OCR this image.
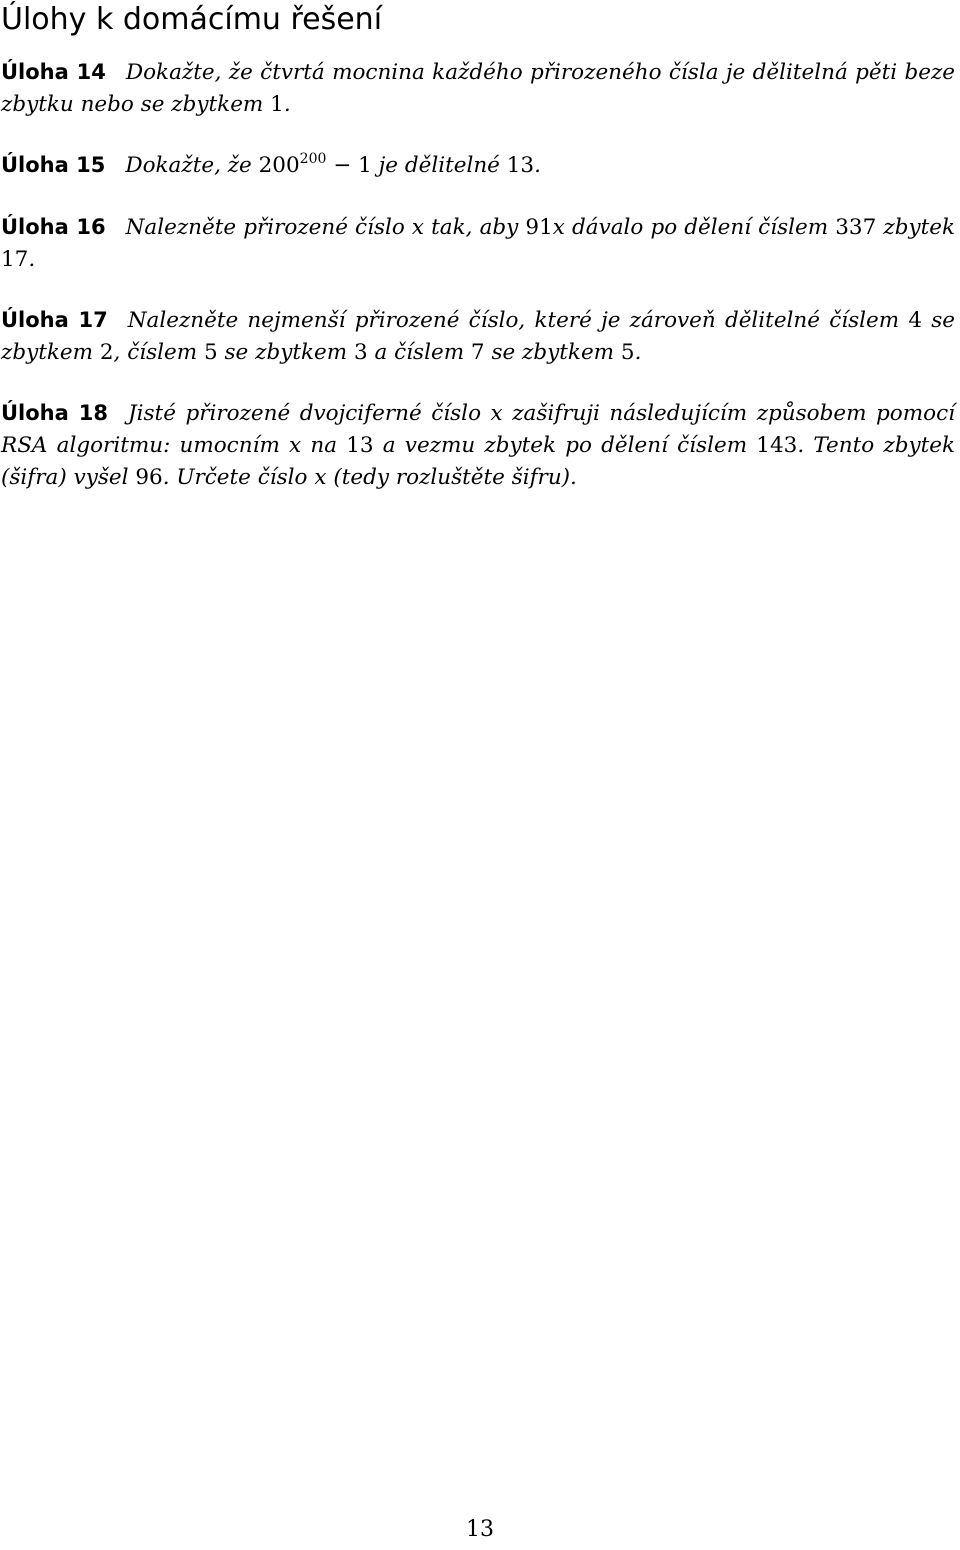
Úlohy k domácímu řešení

Úloha 14 Dokažte, že čtvrtá mocnina každého přirozeného čísla je dělitelná pěti beze zbytku nebo se zbytkem 1.

Úloha 15 Dokažte, že $200^{200} - 1$ je dělitelné 13.

Úloha 16 Nalezněte přirozené číslo x tak, aby 91x dávalo po dělení číslem 337 zbytek 17.

Úloha 17 Nalezněte nejmenší přirozené číslo, které je zároveň dělitelné číslem 4 se zbytkem 2, číslem 5 se zbytkem 3 a číslem 7 se zbytkem 5.

Úloha 18 Jisté přirozené dvojciferné číslo x zašifruji následujícím způsobem pomocí RSA algoritmu: umocním x na 13 a vezmu zbytek po dělení číslem 143. Tento zbytek (šifra) vyšel 96. Určete číslo x (tedy rozluštěte šifru).

13
